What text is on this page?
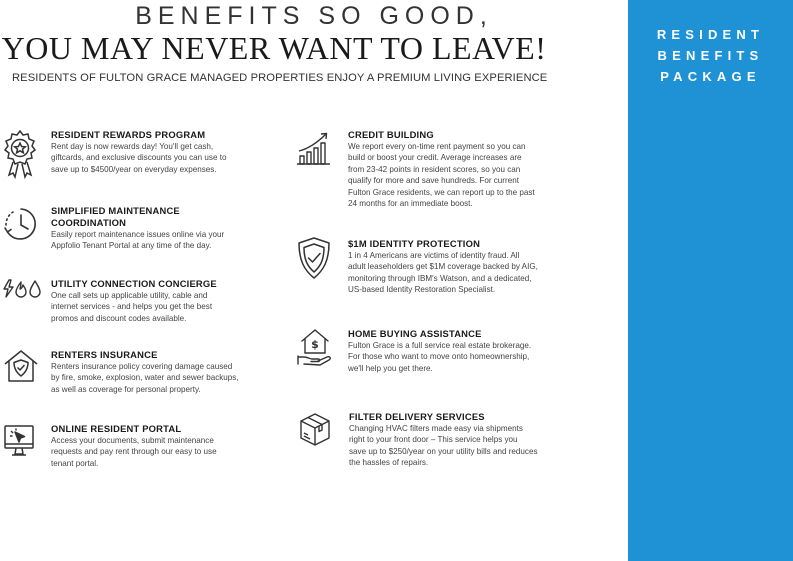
BENEFITS SO GOOD,
YOU MAY NEVER WANT TO LEAVE!
RESIDENTS OF FULTON GRACE MANAGED PROPERTIES ENJOY A PREMIUM LIVING EXPERIENCE
RESIDENT
BENEFITS
PACKAGE
RESIDENT REWARDS PROGRAM
Rent day is now rewards day! You'll get cash,
giftcards, and exclusive discounts you can use to
save up to $4500/year on everyday expenses.
SIMPLIFIED MAINTENANCE
COORDINATION
Easily report maintenance issues online via your
Appfolio Tenant Portal at any time of the day.
UTILITY CONNECTION CONCIERGE
One call sets up applicable utility, cable and
internet services - and helps you get the best
promos and discount codes available.
RENTERS INSURANCE
Renters insurance policy covering damage caused
by fire, smoke, explosion, water and sewer backups,
as well as coverage for personal property.
ONLINE RESIDENT PORTAL
Access your documents, submit maintenance
requests and pay rent through our easy to use
tenant portal.
CREDIT BUILDING
We report every on-time rent payment so you can
build or boost your credit. Average increases are
from 23-42 points in resident scores, so you can
qualify for more and save hundreds. For current
Fulton Grace residents, we can report up to the past
24 months for an immediate boost.
$1M IDENTITY PROTECTION
1 in 4 Americans are victims of identity fraud. All
adult leaseholders get $1M coverage backed by AIG,
monitoring through IBM's Watson, and a dedicated,
US-based Identity Restoration Specialist.
$
HOME BUYING ASSISTANCE
Fulton Grace is a full service real estate brokerage.
For those who want to move onto homeownership,
we'll help you get there.
FILTER DELIVERY SERVICES
Changing HVAC filters made easy via shipments
right to your front door – This service helps you
save up to $250/year on your utility bills and reduces
the hassles of repairs.
